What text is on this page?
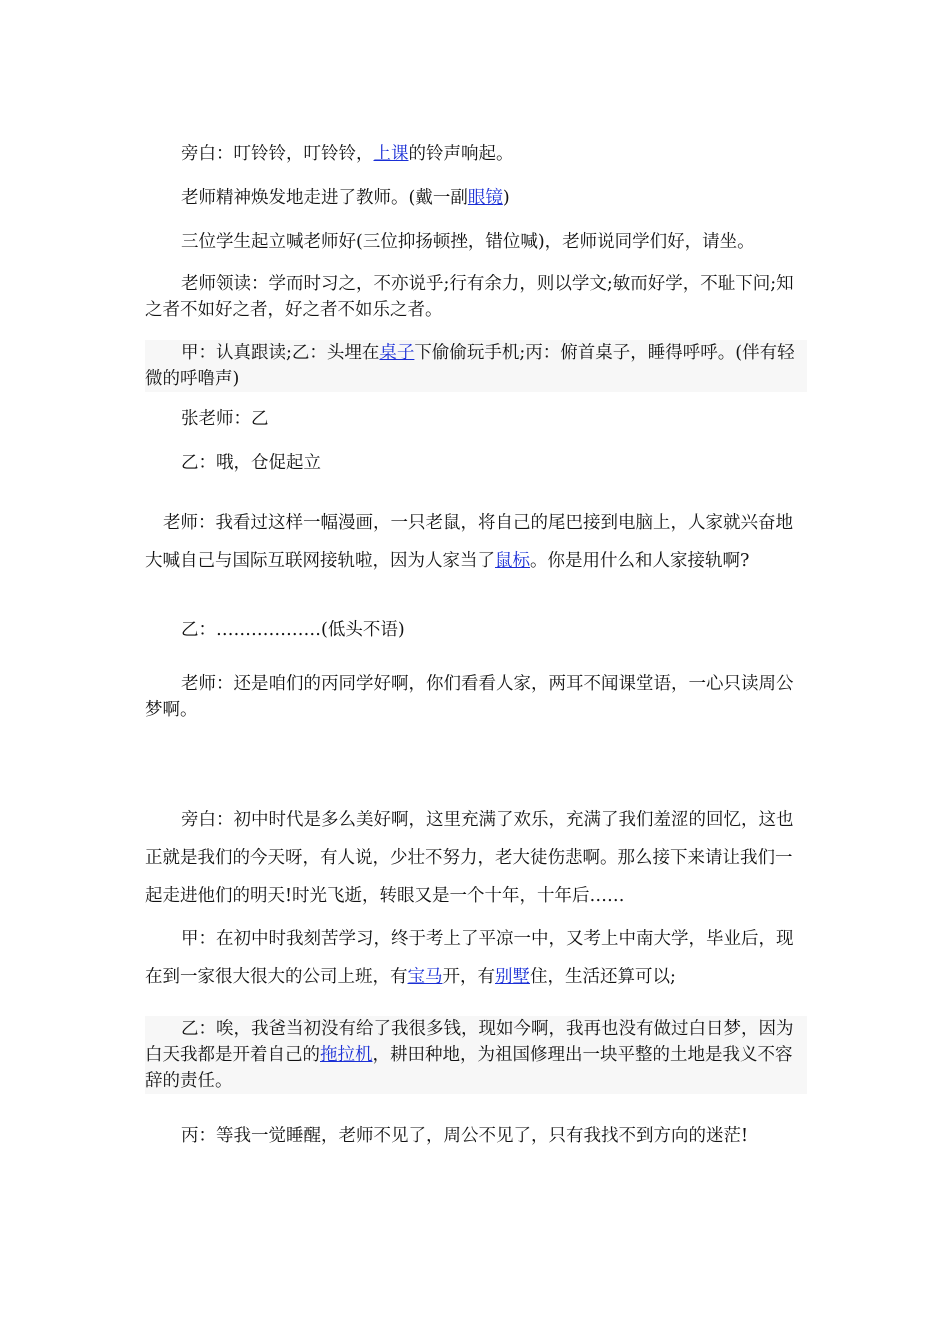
旁白：叮铃铃，叮铃铃，上课的铃声响起。

老师精神焕发地走进了教师。(戴一副眼镜)

三位学生起立喊老师好(三位抑扬顿挫，错位喊)，老师说同学们好，请坐。

老师领读：学而时习之，不亦说乎;行有余力，则以学文;敏而好学，不耻下问;知之者不如好之者，好之者不如乐之者。

甲：认真跟读;乙：头埋在桌子下偷偷玩手机;丙：俯首桌子，睡得呼呼。(伴有轻微的呼噜声)

张老师：乙

乙：哦，仓促起立

老师：我看过这样一幅漫画，一只老鼠，将自己的尾巴接到电脑上，人家就兴奋地大喊自己与国际互联网接轨啦，因为人家当了鼠标。你是用什么和人家接轨啊?

乙：………………(低头不语)

老师：还是咱们的丙同学好啊，你们看看人家，两耳不闻课堂语，一心只读周公梦啊。

旁白：初中时代是多么美好啊，这里充满了欢乐，充满了我们羞涩的回忆，这也正就是我们的今天呀，有人说，少壮不努力，老大徒伤悲啊。那么接下来请让我们一起走进他们的明天!时光飞逝，转眼又是一个十年，十年后……

甲：在初中时我刻苦学习，终于考上了平凉一中，又考上中南大学，毕业后，现在到一家很大很大的公司上班，有宝马开，有别墅住，生活还算可以;

乙：唉，我爸当初没有给了我很多钱，现如今啊，我再也没有做过白日梦，因为白天我都是开着自己的拖拉机，耕田种地，为祖国修理出一块平整的土地是我义不容辞的责任。

丙：等我一觉睡醒，老师不见了，周公不见了，只有我找不到方向的迷茫!
